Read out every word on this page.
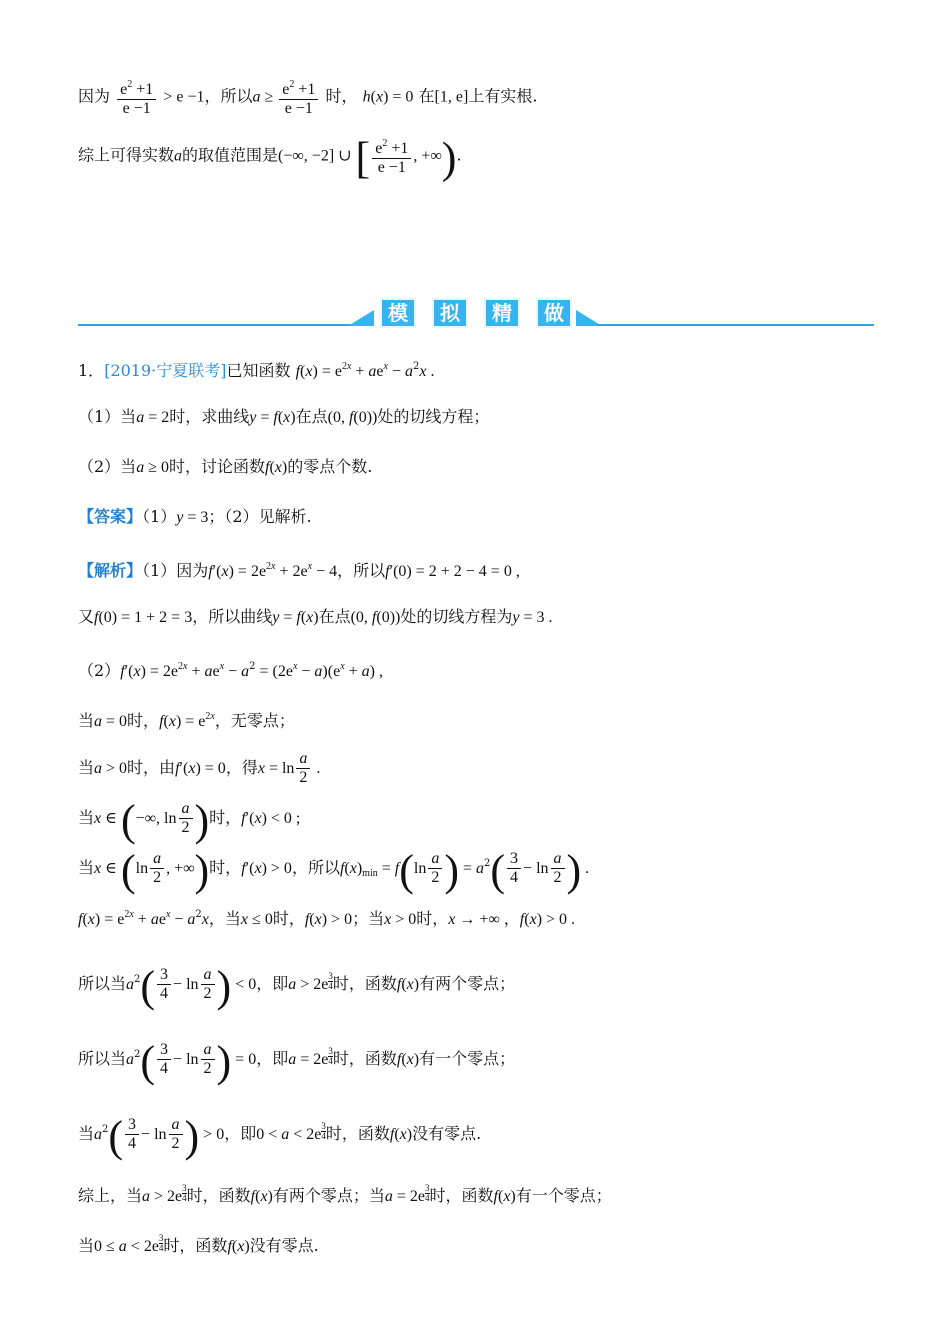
因为 $\frac{e^2 +1}{e -1} > e -1$，所以$a \ge \frac{e^2 +1}{e -1}$ 时， h(x) = 0 在[1, e]上有实根.
综上可得实数a的取值范围是(−∞, −2] ∪ [ $\frac{e^2 +1}{e -1}$ , +∞).
模	拟	精	做
1．[2019·宁夏联考]已知函数 $f(x) = e^{2x} + ae^x - a^2x$ .
（1）当a = 2时，求曲线y = f(x)在点(0, f(0))处的切线方程；
（2）当a ≥ 0时，讨论函数f(x)的零点个数.
【答案】（1）y = 3；（2）见解析.
【解析】（1）因为$f'(x) = 2e^{2x} + 2e^x - 4$，所以f′(0) = 2 + 2 − 4 = 0 ,
又f(0) = 1 + 2 = 3，所以曲线y = f(x)在点(0, f(0))处的切线方程为y = 3 .
$(2)f'(x) = 2e^{2x} + ae^x - a^2 = (2e^x - a)(e^x + a)$ ,
当a = 0时，$f(x) = e^{2x}$，无零点；
当a > 0时，由f′(x) = 0，得$x = \ln \frac{a}{2}$ .
当x ∈ (−∞, $\ln \frac{a}{2}$ )时，f′(x) < 0 ;
当x ∈ ($\ln \frac{a}{2}$ , +∞)时，f′(x) > 0，所以$f(x)_{min} = f(\ln \frac{a}{2}$ ) = $a^2( \frac{3}{4} - \ln \frac{a}{2}$ ) .
$f(x) = e^{2x} + ae^x - a^2x$，当x ≤ 0时，f(x) > 0；当x > 0时，x → +∞ ，f(x) > 0 .
所以当$a^2( \frac{3}{4} - \ln \frac{a}{2}$ ) < 0，即$a > 2e \frac{3}{4}$ 时，函数f(x)有两个零点；
所以当$a^2( \frac{3}{4} - \ln \frac{a}{2}$ ) = 0，即$a = 2e \frac{3}{4}$ 时，函数f(x)有一个零点；
当$a^2( \frac{3}{4} - \ln \frac{a}{2}$ ) > 0，即$0 < a < 2e \frac{3}{4}$ 时，函数f(x)没有零点.
综上，当$a > 2e \frac{3}{4}$ 时，函数f(x)有两个零点；当$a = 2e \frac{3}{4}$ 时，函数f(x)有一个零点；
当$0 \le a < 2e \frac{3}{4}$ 时，函数f(x)没有零点.
